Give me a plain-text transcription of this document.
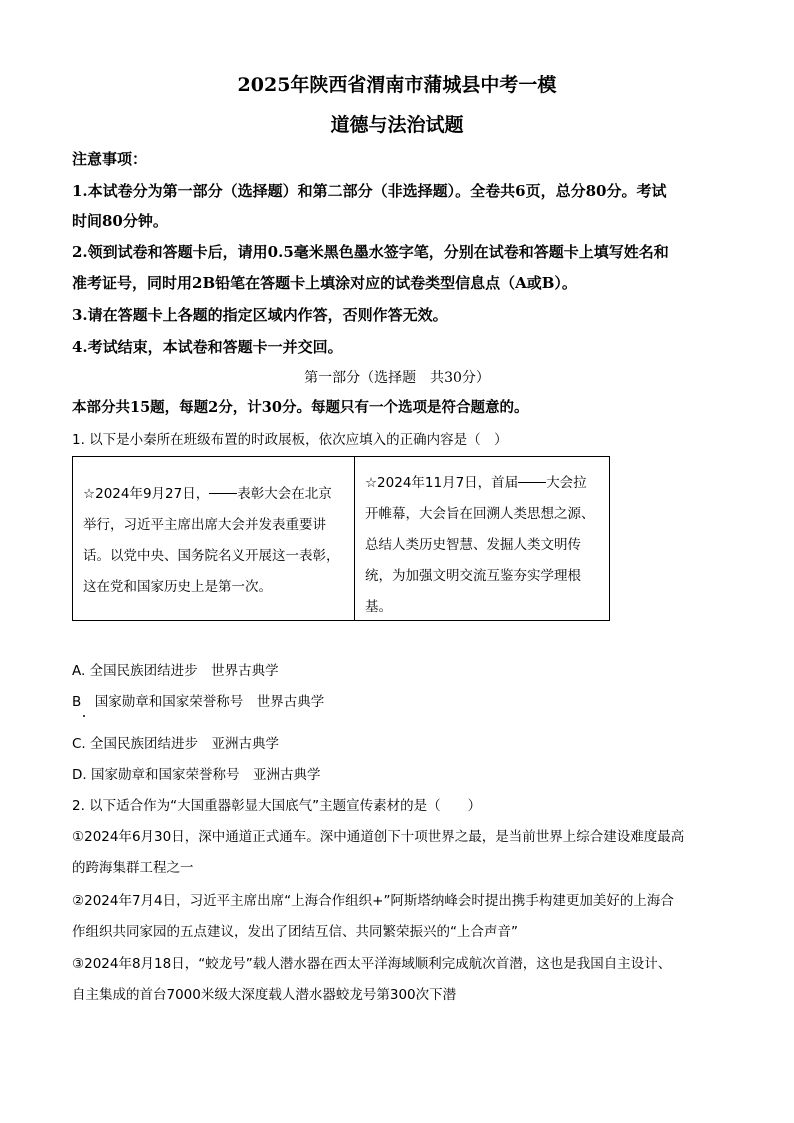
2025年陕西省渭南市蒲城县中考一模
道德与法治试题
注意事项：
1.本试卷分为第一部分（选择题）和第二部分（非选择题）。全卷共6页，总分80分。考试
时间80分钟。
2.领到试卷和答题卡后，请用0.5毫米黑色墨水签字笔，分别在试卷和答题卡上填写姓名和
准考证号，同时用2B铅笔在答题卡上填涂对应的试卷类型信息点（A或B）。
3.请在答题卡上各题的指定区域内作答，否则作答无效。
4.考试结束，本试卷和答题卡一并交回。
第一部分（选择题　共30分）
本部分共15题，每题2分，计30分。每题只有一个选项是符合题意的。
1. 以下是小秦所在班级布置的时政展板，依次应填入的正确内容是（　）
☆2024年9月27日， 表彰大会在北京举行，习近平主席出席大会并发表重要讲话。以党中央、国务院名义开展这一表彰，这在党和国家历史上是第一次。
☆2024年11月7日，首届 大会拉开帷幕，大会旨在回溯人类思想之源、总结人类历史智慧、发掘人类文明传统，为加强文明交流互鉴夯实学理根基。
A. 全国民族团结进步　世界古典学
B　国家勋章和国家荣誉称号　世界古典学
C. 全国民族团结进步　亚洲古典学
D. 国家勋章和国家荣誉称号　亚洲古典学
2. 以下适合作为“大国重器彰显大国底气”主题宣传素材的是（　　）
①2024年6月30日，深中通道正式通车。深中通道创下十项世界之最，是当前世界上综合建设难度最高
的跨海集群工程之一
②2024年7月4日，习近平主席出席“上海合作组织+”阿斯塔纳峰会时提出携手构建更加美好的上海合
作组织共同家园的五点建议，发出了团结互信、共同繁荣振兴的“上合声音”
③2024年8月18日，“蛟龙号”载人潜水器在西太平洋海域顺利完成航次首潜，这也是我国自主设计、
自主集成的首台7000米级大深度载人潜水器蛟龙号第300次下潜
